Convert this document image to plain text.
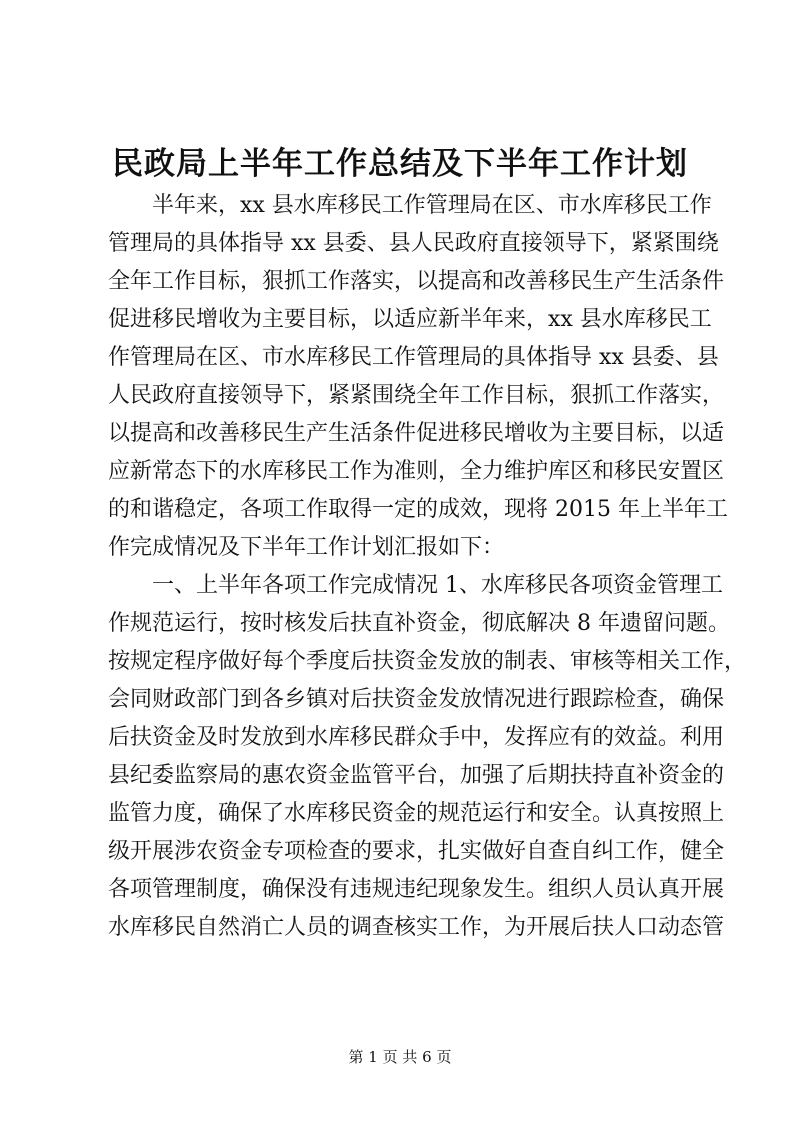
民政局上半年工作总结及下半年工作计划

半年来，xx 县水库移民工作管理局在区、市水库移民工作

管理局的具体指导 xx 县委、县人民政府直接领导下，紧紧围绕

全年工作目标，狠抓工作落实，以提高和改善移民生产生活条件

促进移民增收为主要目标，以适应新半年来，xx 县水库移民工

作管理局在区、市水库移民工作管理局的具体指导 xx 县委、县

人民政府直接领导下，紧紧围绕全年工作目标，狠抓工作落实，

以提高和改善移民生产生活条件促进移民增收为主要目标，以适

应新常态下的水库移民工作为准则，全力维护库区和移民安置区

的和谐稳定，各项工作取得一定的成效，现将 2015 年上半年工

作完成情况及下半年工作计划汇报如下：

一、上半年各项工作完成情况 1、水库移民各项资金管理工

作规范运行，按时核发后扶直补资金，彻底解决 8 年遗留问题。

按规定程序做好每个季度后扶资金发放的制表、审核等相关工作，

会同财政部门到各乡镇对后扶资金发放情况进行跟踪检查，确保

后扶资金及时发放到水库移民群众手中，发挥应有的效益。利用

县纪委监察局的惠农资金监管平台，加强了后期扶持直补资金的

监管力度，确保了水库移民资金的规范运行和安全。认真按照上

级开展涉农资金专项检查的要求，扎实做好自查自纠工作，健全

各项管理制度，确保没有违规违纪现象发生。组织人员认真开展

水库移民自然消亡人员的调查核实工作，为开展后扶人口动态管

第 1 页 共 6 页
